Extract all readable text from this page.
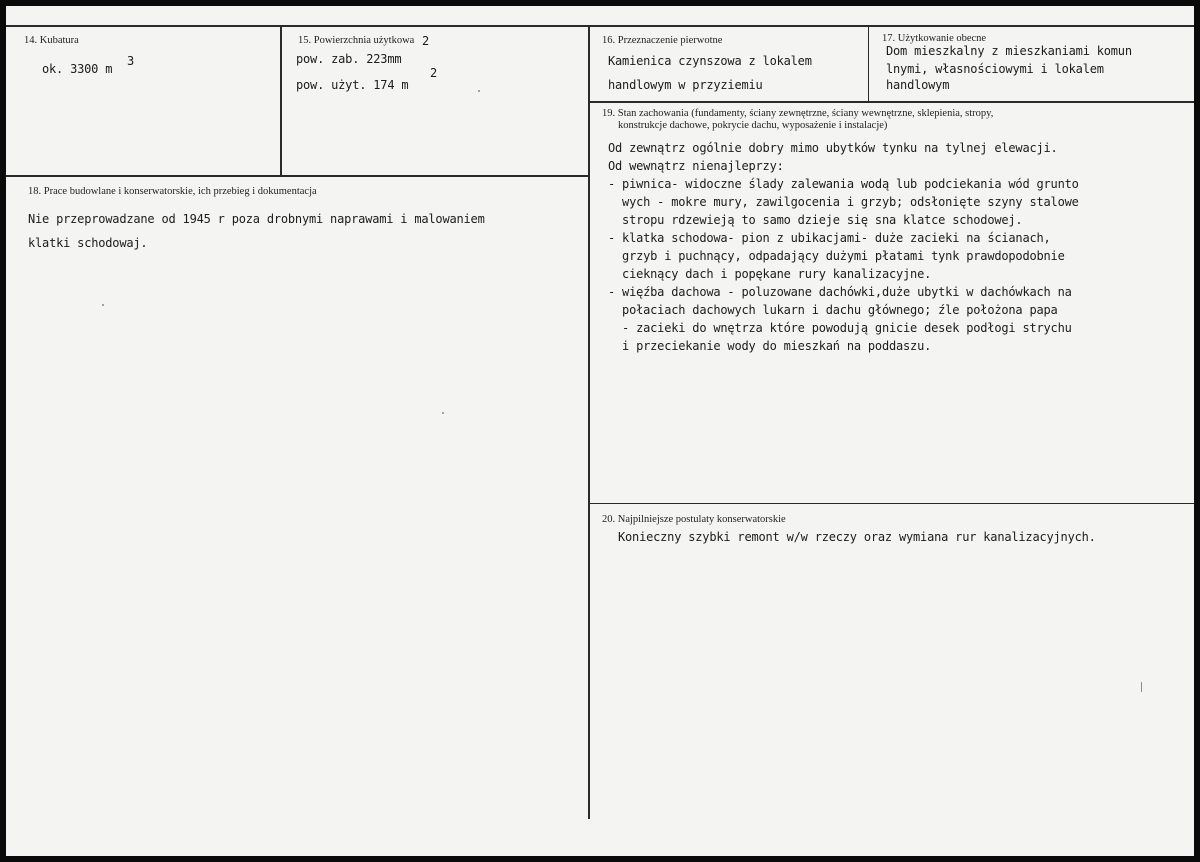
14. Kubatura
ok. 3300 m
3
15. Powierzchnia użytkowa
pow. zab. 223mm
2
pow. użyt. 174 m
2
16. Przeznaczenie pierwotne
Kamienica czynszowa z lokalem
handlowym w przyziemiu
17. Użytkowanie obecne
Dom mieszkalny z mieszkaniami komun
lnymi, własnościowymi i lokalem
handlowym
18. Prace budowlane i konserwatorskie, ich przebieg i dokumentacja
Nie przeprowadzane od 1945 r poza drobnymi naprawami i malowaniem
klatki schodowaj.
19. Stan zachowania (fundamenty, ściany zewnętrzne, ściany wewnętrzne, sklepienia, stropy,
konstrukcje dachowe, pokrycie dachu, wyposażenie i instalacje)
Od zewnątrz ogólnie dobry mimo ubytków tynku na tylnej elewacji.
Od wewnątrz nienajleprzy:
- piwnica- widoczne ślady zalewania wodą lub podciekania wód grunto
wych - mokre mury, zawilgocenia i grzyb; odsłonięte szyny stalowe
stropu rdzewieją to samo dzieje się sna klatce schodowej.
- klatka schodowa- pion z ubikacjami- duże zacieki na ścianach,
grzyb i puchnący, odpadający dużymi płatami tynk prawdopodobnie
cieknący dach i popękane rury kanalizacyjne.
- więźba dachowa - poluzowane dachówki,duże ubytki w dachówkach na
połaciach dachowych lukarn i dachu głównego; źle położona papa
- zacieki do wnętrza które powodują gnicie desek podłogi strychu
i przeciekanie wody do mieszkań na poddaszu.
20. Najpilniejsze postulaty konserwatorskie
Konieczny szybki remont w/w rzeczy oraz wymiana rur kanalizacyjnych.
